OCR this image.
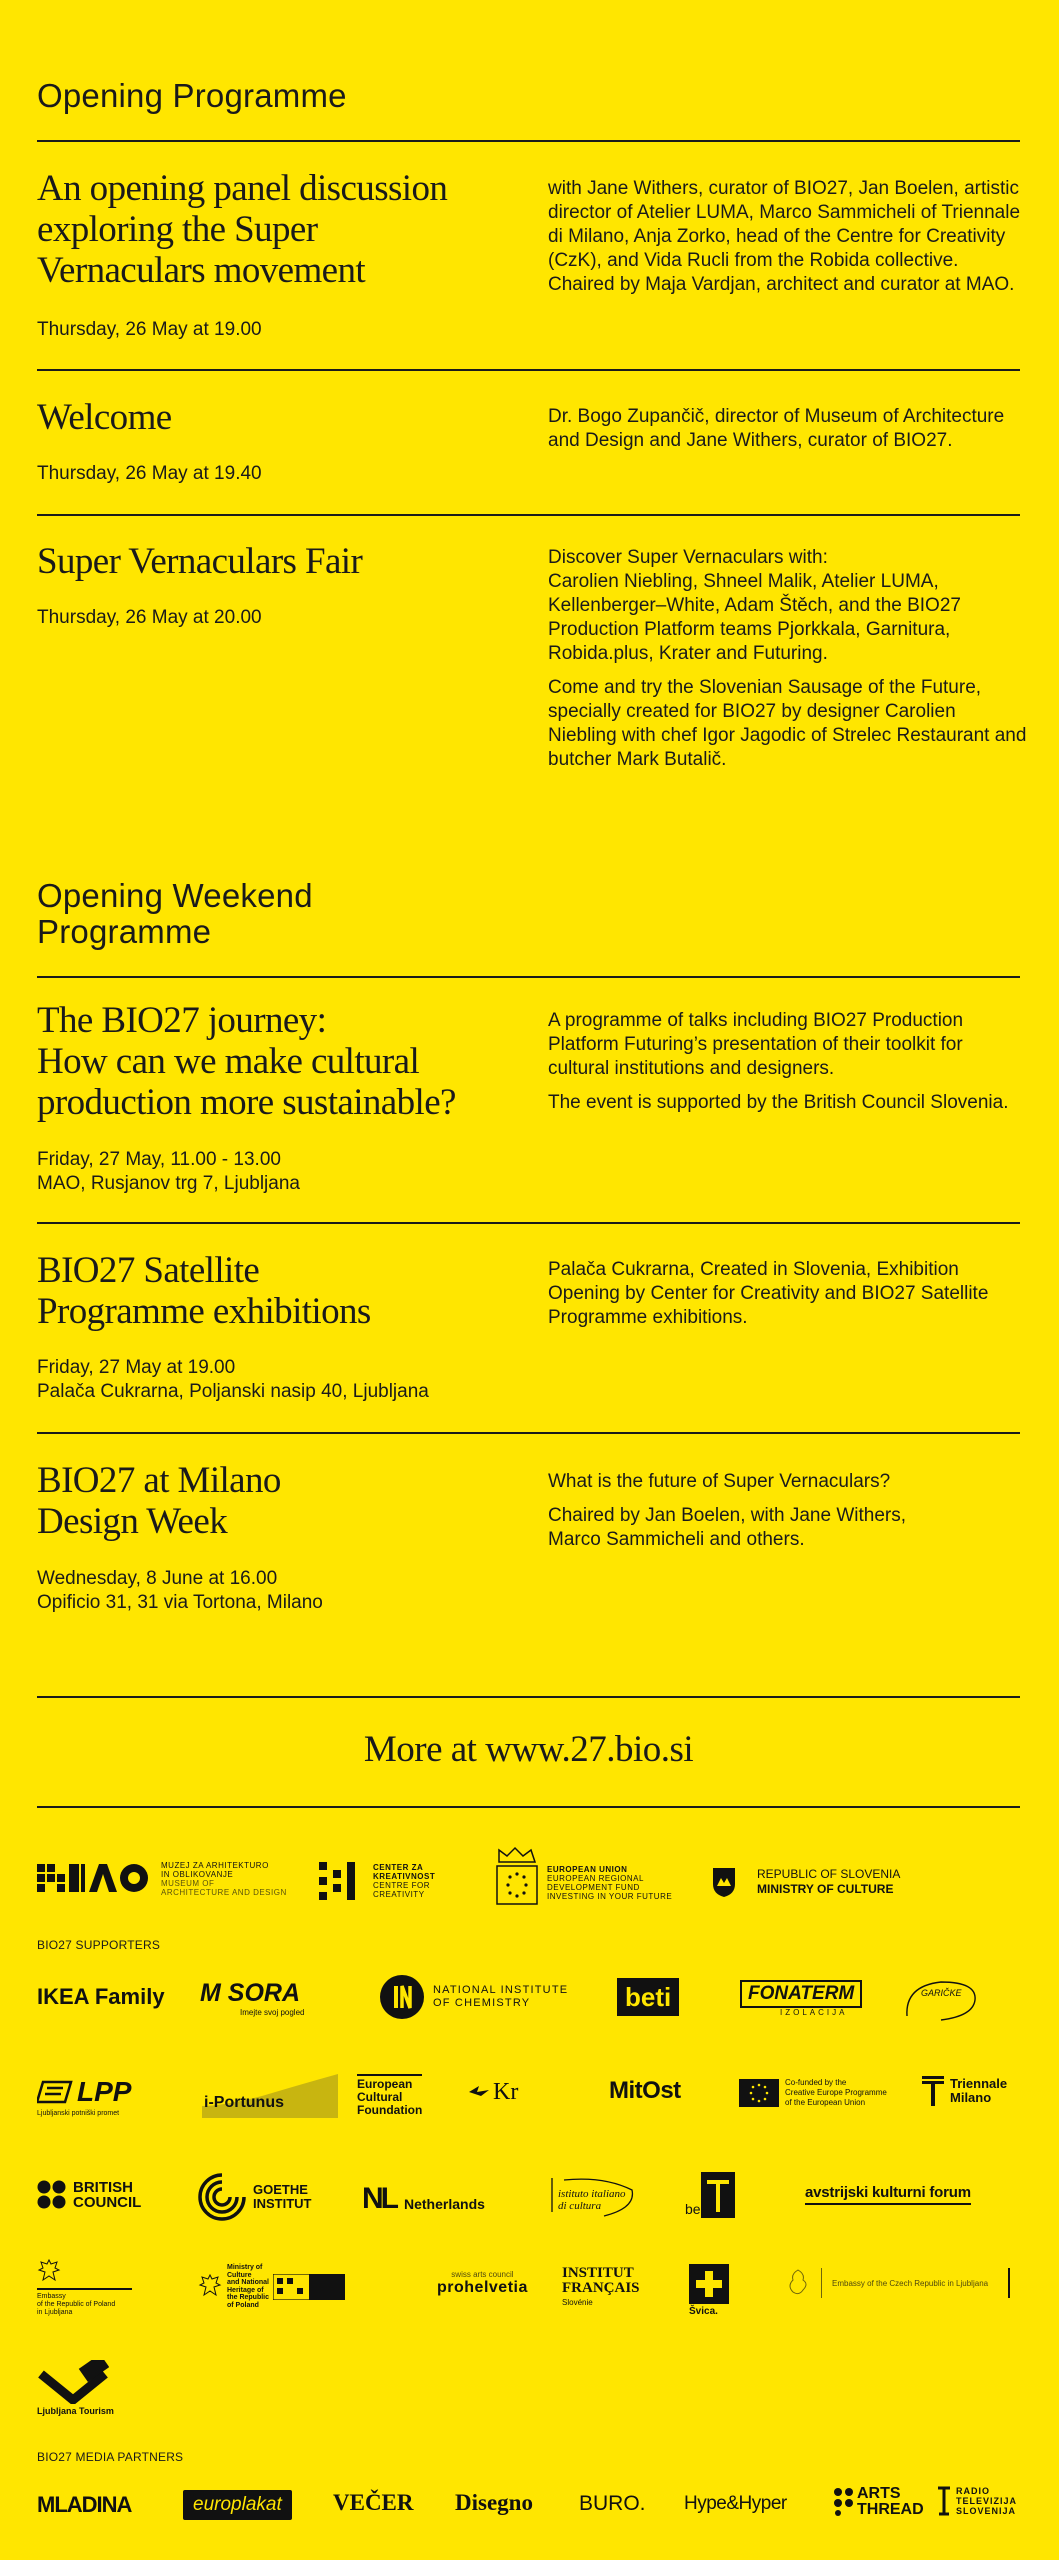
Opening Programme
An opening panel discussion
exploring the Super
Vernaculars movement
Thursday, 26 May at 19.00

with Jane Withers, curator of BIO27, Jan Boelen, artistic director of Atelier LUMA, Marco Sammicheli of Triennale di Milano, Anja Zorko, head of the Centre for Creativity (CzK), and Vida Rucli from the Robida collective. Chaired by Maja Vardjan, architect and curator at MAO.

Welcome
Thursday, 26 May at 19.40

Dr. Bogo Zupančič, director of Museum of Architecture and Design and Jane Withers, curator of BIO27.

Super Vernaculars Fair
Thursday, 26 May at 20.00

Discover Super Vernaculars with:
Carolien Niebling, Shneel Malik, Atelier LUMA, Kellenberger–White, Adam Štěch, and the BIO27 Production Platform teams Pjorkkala, Garnitura, Robida.plus, Krater and Futuring.

Come and try the Slovenian Sausage of the Future, specially created for BIO27 by designer Carolien Niebling with chef Igor Jagodic of Strelec Restaurant and butcher Mark Butalič.

Opening Weekend
Programme
The BIO27 journey:
How can we make cultural
production more sustainable?
Friday, 27 May, 11.00 - 13.00
MAO, Rusjanov trg 7, Ljubljana

A programme of talks including BIO27 Production Platform Futuring’s presentation of their toolkit for cultural institutions and designers.

The event is supported by the British Council Slovenia.

BIO27 Satellite
Programme exhibitions
Friday, 27 May at 19.00
Palača Cukrarna, Poljanski nasip 40, Ljubljana

Palača Cukrarna, Created in Slovenia, Exhibition Opening by Center for Creativity and BIO27 Satellite Programme exhibitions.

BIO27 at Milano
Design Week
Wednesday, 8 June at 16.00
Opificio 31, 31 via Tortona, Milano

What is the future of Super Vernaculars?

Chaired by Jan Boelen, with Jane Withers,
Marco Sammicheli and others.

More at www.27.bio.si
MUZEJ ZA ARHITEKTURO
IN OBLIKOVANJE
MUSEUM OF
ARCHITECTURE AND DESIGN
CENTER ZA
KREATIVNOST
CENTRE FOR
CREATIVITY
EUROPEAN UNION
EUROPEAN REGIONAL
DEVELOPMENT FUND
INVESTING IN YOUR FUTURE
REPUBLIC OF SLOVENIA
MINISTRY OF CULTURE
BIO27 SUPPORTERS
IKEA Family M SORA
Imejte svoj pogled
NATIONAL INSTITUTE
OF CHEMISTRY	beti	FONATERM
IZOLACIJA
GARIČKE
LPP
Ljubljanski potniški promet
i-Portunus
European
Cultural
Foundation
Kr	MitOst	Co-funded by the
Creative Europe Programme
of the European Union
Triennale
Milano
BRITISH
COUNCIL
GOETHE
INSTITUT NL Netherlands
istituto italiano di cultura	be
avstrijski kulturni forum
Embassy
of the Republic of Poland
in Ljubljana
Ministry of
Culture
and National
Heritage of
the Republic
of Poland
swiss arts council
prohelvetia
INSTITUT
FRANÇAIS
Slovénie
Švica.
Embassy of the Czech Republic in Ljubljana
Ljubljana Tourism
BIO27 MEDIA PARTNERS
MLADINA	europlakat	VEČER Disegno BURO. Hype&Hyper	ARTS
THREAD
RADIO
TELEVIZIJA
SLOVENIJA
